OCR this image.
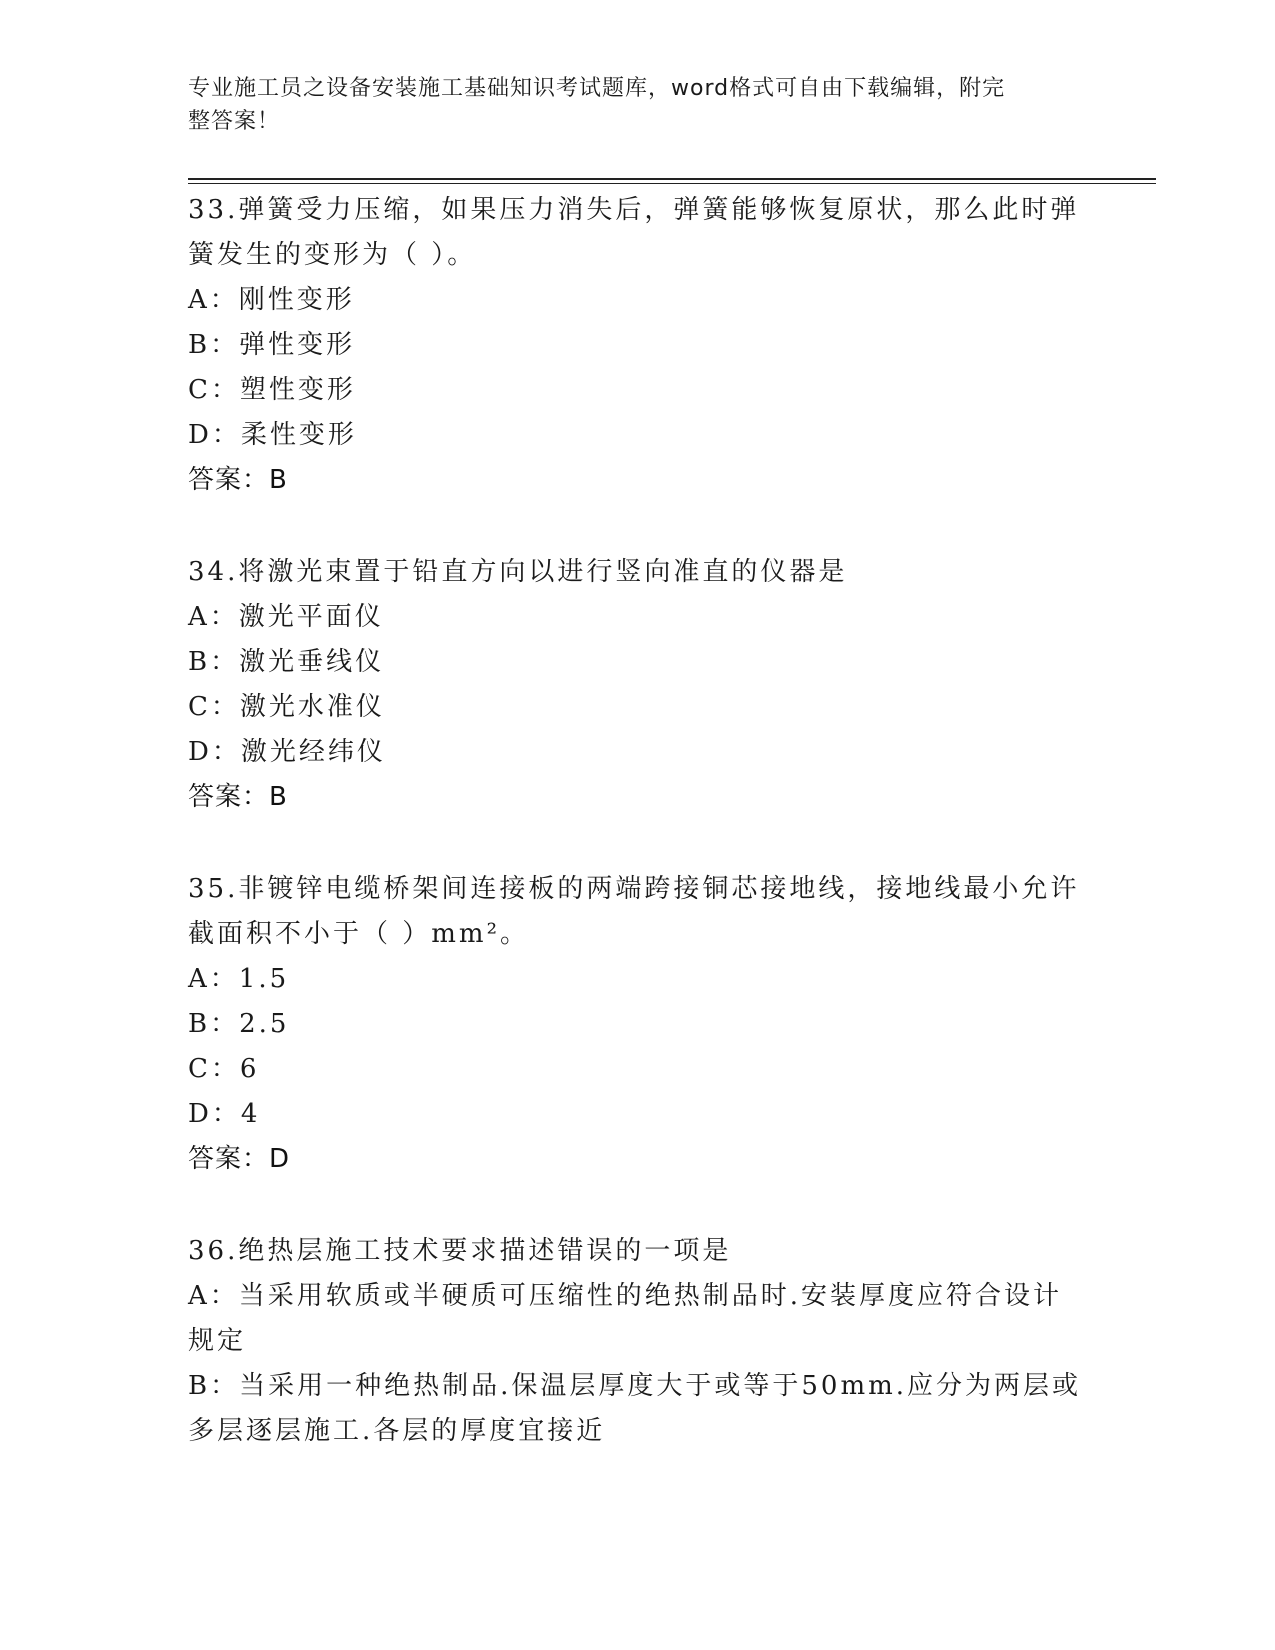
专业施工员之设备安装施工基础知识考试题库，word格式可自由下载编辑，附完
整答案！

33.弹簧受力压缩，如果压力消失后，弹簧能够恢复原状，那么此时弹簧发生的变形为（ ）。

A：刚性变形

B：弹性变形

C：塑性变形

D：柔性变形

答案：B

34.将激光束置于铅直方向以进行竖向准直的仪器是

A：激光平面仪

B：激光垂线仪

C：激光水准仪

D：激光经纬仪

答案：B

35.非镀锌电缆桥架间连接板的两端跨接铜芯接地线，接地线最小允许截面积不小于（ ）mm²。

A：1.5

B：2.5

C：6

D：4

答案：D

36.绝热层施工技术要求描述错误的一项是

A：当采用软质或半硬质可压缩性的绝热制品时.安装厚度应符合设计规定

B：当采用一种绝热制品.保温层厚度大于或等于50mm.应分为两层或多层逐层施工.各层的厚度宜接近
